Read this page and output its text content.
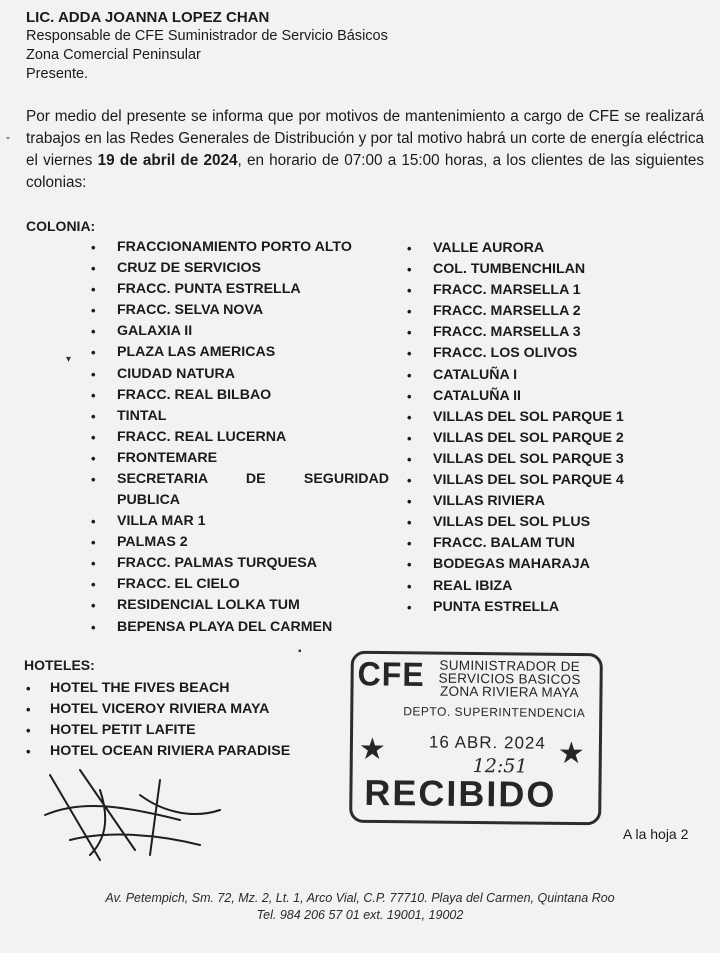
LIC. ADDA JOANNA LOPEZ CHAN
Responsable de CFE Suministrador de Servicio Básicos
Zona Comercial Peninsular
Presente.
-

Por medio del presente se informa que por motivos de mantenimiento a cargo de CFE se realizará trabajos en las Redes Generales de Distribución y por tal motivo habrá un corte de energía eléctrica el viernes 19 de abril de 2024, en horario de 07:00 a 15:00 horas, a los clientes de las siguientes colonias:

COLONIA:
• FRACCIONAMIENTO PORTO ALTO
• CRUZ DE SERVICIOS
• FRACC. PUNTA ESTRELLA
• FRACC. SELVA NOVA
• GALAXIA II
• PLAZA LAS AMERICAS
• CIUDAD NATURA
• FRACC. REAL BILBAO
• TINTAL
• FRACC. REAL LUCERNA
• FRONTEMARE
• SECRETARIA DE SEGURIDAD
PUBLICA
• VILLA MAR 1
• PALMAS 2
• FRACC. PALMAS TURQUESA
• FRACC. EL CIELO
• RESIDENCIAL LOLKA TUM
• BEPENSA PLAYA DEL CARMEN
• VALLE AURORA
• COL. TUMBENCHILAN
• FRACC. MARSELLA 1
• FRACC. MARSELLA 2
• FRACC. MARSELLA 3
• FRACC. LOS OLIVOS
• CATALUÑA I
• CATALUÑA II
• VILLAS DEL SOL PARQUE 1
• VILLAS DEL SOL PARQUE 2
• VILLAS DEL SOL PARQUE 3
• VILLAS DEL SOL PARQUE 4
• VILLAS RIVIERA
• VILLAS DEL SOL PLUS
• FRACC. BALAM TUN
• BODEGAS MAHARAJA
• REAL IBIZA
• PUNTA ESTRELLA
HOTELES:
• HOTEL THE FIVES BEACH
• HOTEL VICEROY RIVIERA MAYA
• HOTEL PETIT LAFITE
• HOTEL OCEAN RIVIERA PARADISE
CFE	SUMINISTRADOR DE
SERVICIOS BASICOS
ZONA RIVIERA MAYA
DEPTO. SUPERINTENDENCIA
★	16 ABR. 2024
12:51 ★
RECIBIDO
▪
▾
A la hoja 2
Av. Petempich, Sm. 72, Mz. 2, Lt. 1, Arco Vial, C.P. 77710. Playa del Carmen, Quintana Roo
Tel. 984 206 57 01 ext. 19001, 19002
